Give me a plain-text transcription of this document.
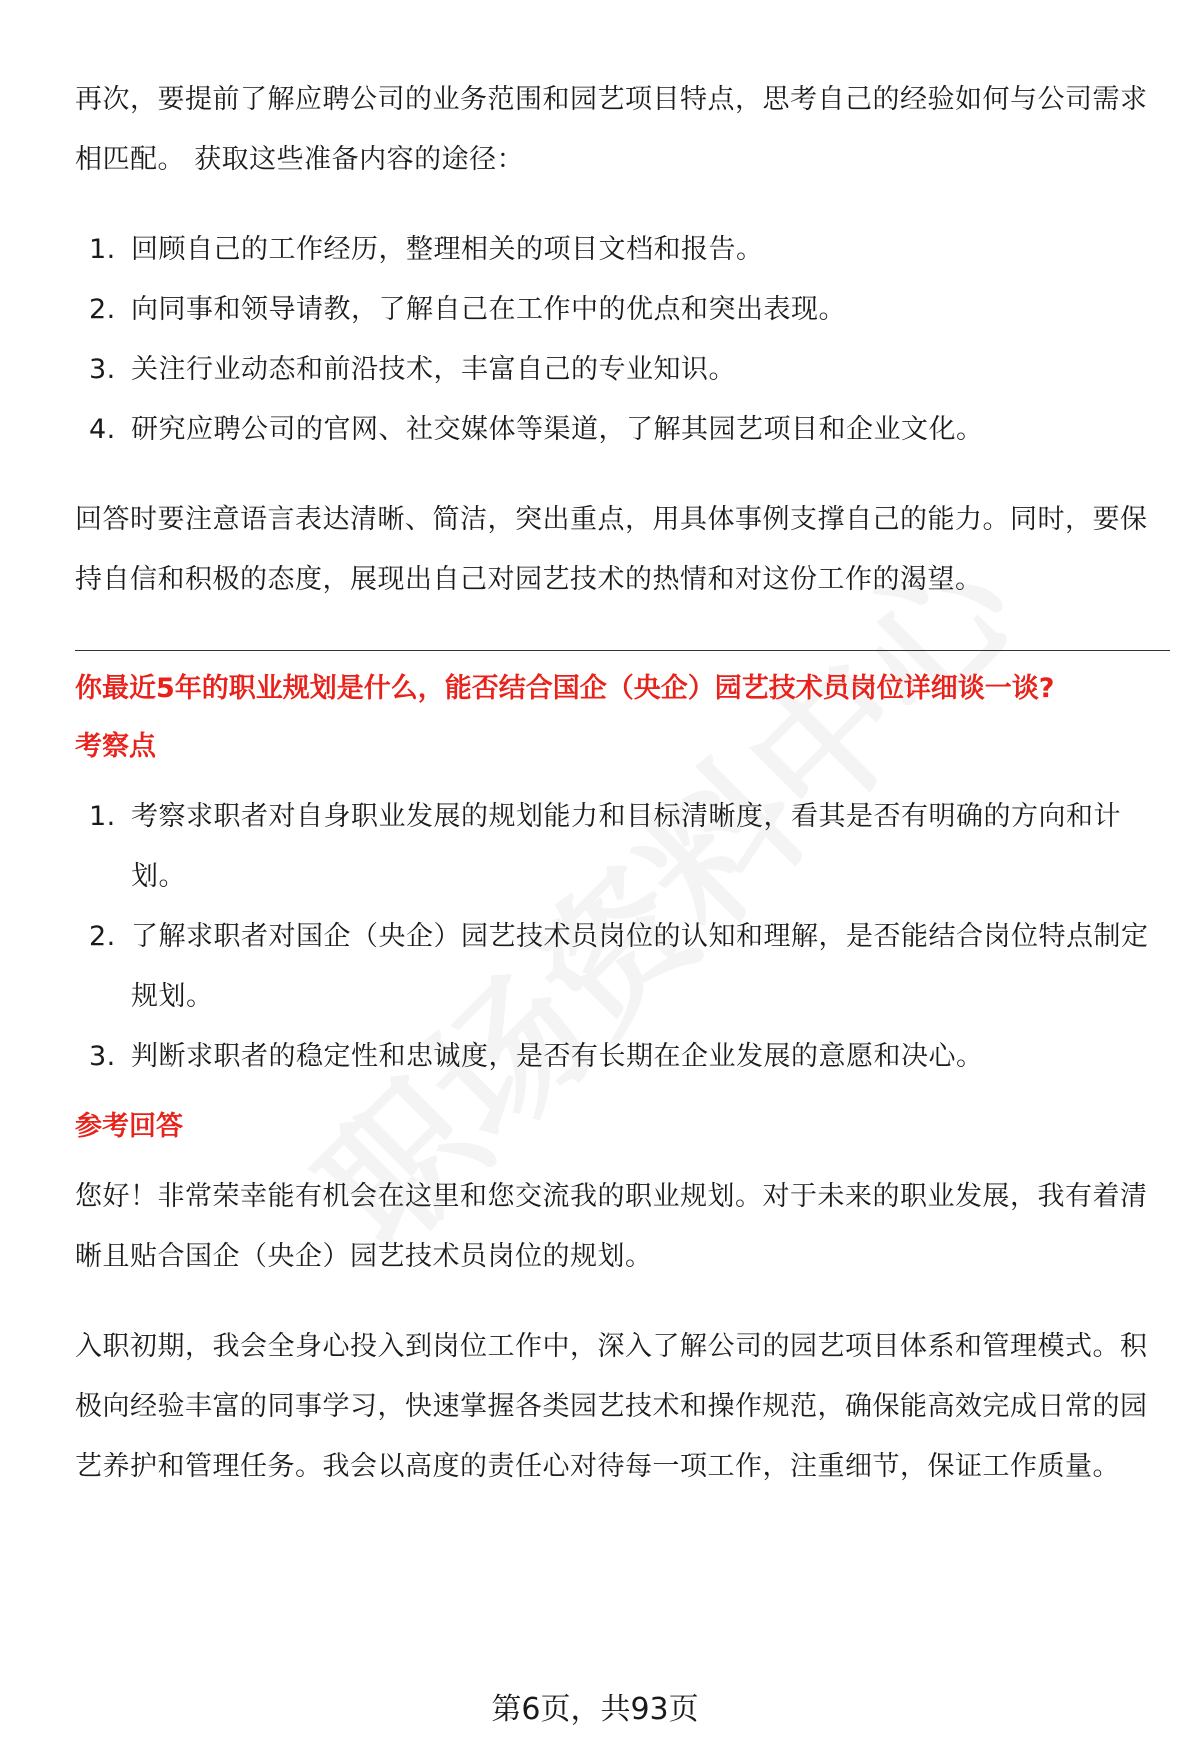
再次，要提前了解应聘公司的业务范围和园艺项目特点，思考自己的经验如何与公司需求相匹配。 获取这些准备内容的途径：

1. 回顾自己的工作经历，整理相关的项目文档和报告。
2. 向同事和领导请教，了解自己在工作中的优点和突出表现。
3. 关注行业动态和前沿技术，丰富自己的专业知识。
4. 研究应聘公司的官网、社交媒体等渠道，了解其园艺项目和企业文化。

回答时要注意语言表达清晰、简洁，突出重点，用具体事例支撑自己的能力。同时，要保持自信和积极的态度，展现出自己对园艺技术的热情和对这份工作的渴望。

你最近5年的职业规划是什么，能否结合国企（央企）园艺技术员岗位详细谈一谈?

考察点

1. 考察求职者对自身职业发展的规划能力和目标清晰度，看其是否有明确的方向和计划。
2. 了解求职者对国企（央企）园艺技术员岗位的认知和理解，是否能结合岗位特点制定规划。
3. 判断求职者的稳定性和忠诚度，是否有长期在企业发展的意愿和决心。

参考回答

您好！非常荣幸能有机会在这里和您交流我的职业规划。对于未来的职业发展，我有着清晰且贴合国企（央企）园艺技术员岗位的规划。

入职初期，我会全身心投入到岗位工作中，深入了解公司的园艺项目体系和管理模式。积极向经验丰富的同事学习，快速掌握各类园艺技术和操作规范，确保能高效完成日常的园艺养护和管理任务。我会以高度的责任心对待每一项工作，注重细节，保证工作质量。

第6页，共93页
